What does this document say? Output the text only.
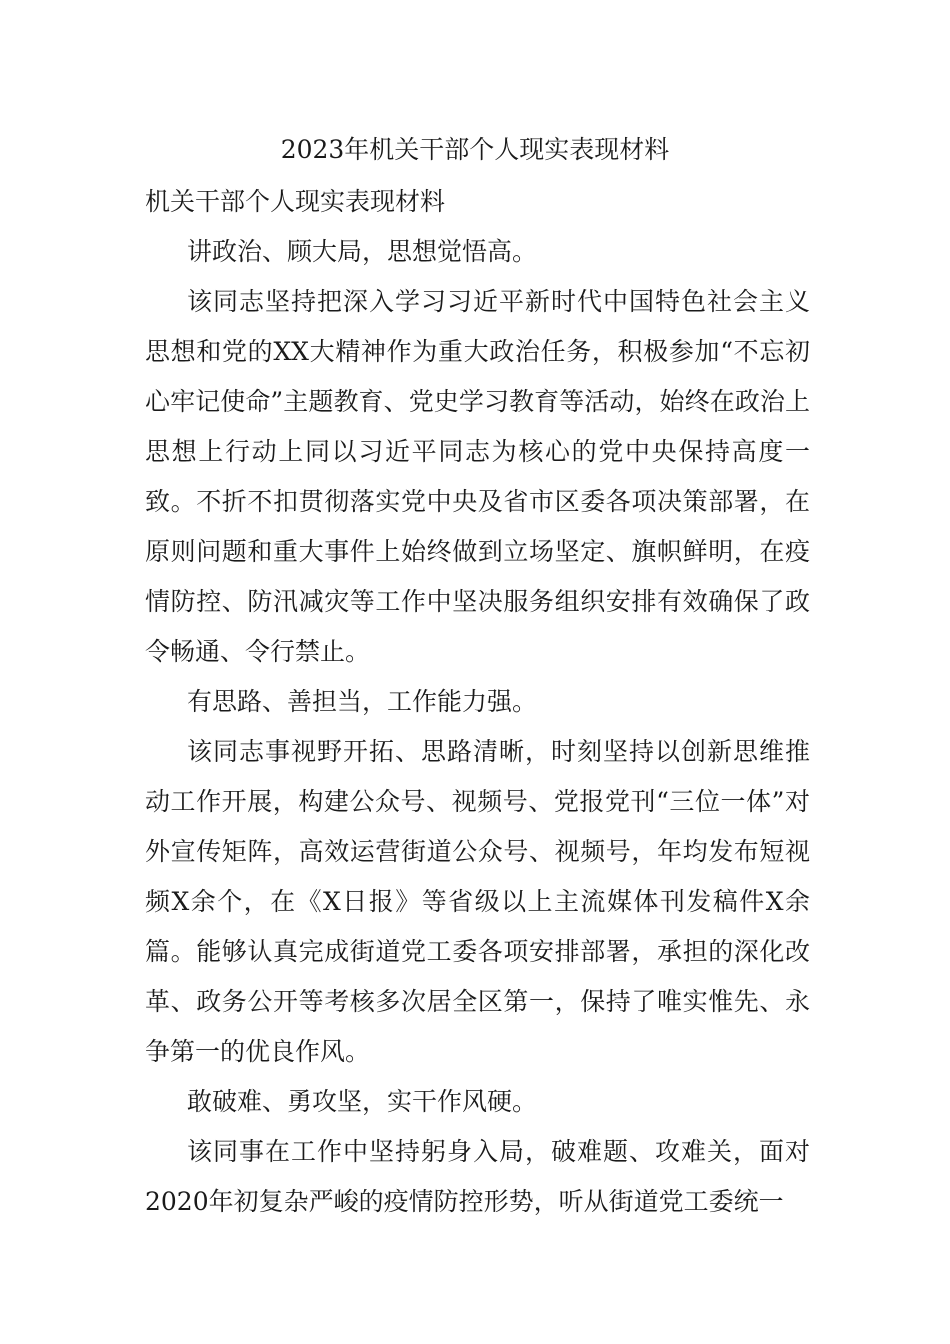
2023年机关干部个人现实表现材料

机关干部个人现实表现材料

讲政治、顾大局，思想觉悟高。

该同志坚持把深入学习习近平新时代中国特色社会主义思想和党的XX大精神作为重大政治任务，积极参加“不忘初心牢记使命”主题教育、党史学习教育等活动，始终在政治上思想上行动上同以习近平同志为核心的党中央保持高度一致。不折不扣贯彻落实党中央及省市区委各项决策部署，在原则问题和重大事件上始终做到立场坚定、旗帜鲜明，在疫情防控、防汛减灾等工作中坚决服务组织安排有效确保了政令畅通、令行禁止。

有思路、善担当，工作能力强。

该同志事视野开拓、思路清晰，时刻坚持以创新思维推动工作开展，构建公众号、视频号、党报党刊“三位一体”对外宣传矩阵，高效运营街道公众号、视频号，年均发布短视频X余个，在《X日报》等省级以上主流媒体刊发稿件X余篇。能够认真完成街道党工委各项安排部署，承担的深化改革、政务公开等考核多次居全区第一，保持了唯实惟先、永争第一的优良作风。

敢破难、勇攻坚，实干作风硬。

该同事在工作中坚持躬身入局，破难题、攻难关，面对2020年初复杂严峻的疫情防控形势，听从街道党工委统一
